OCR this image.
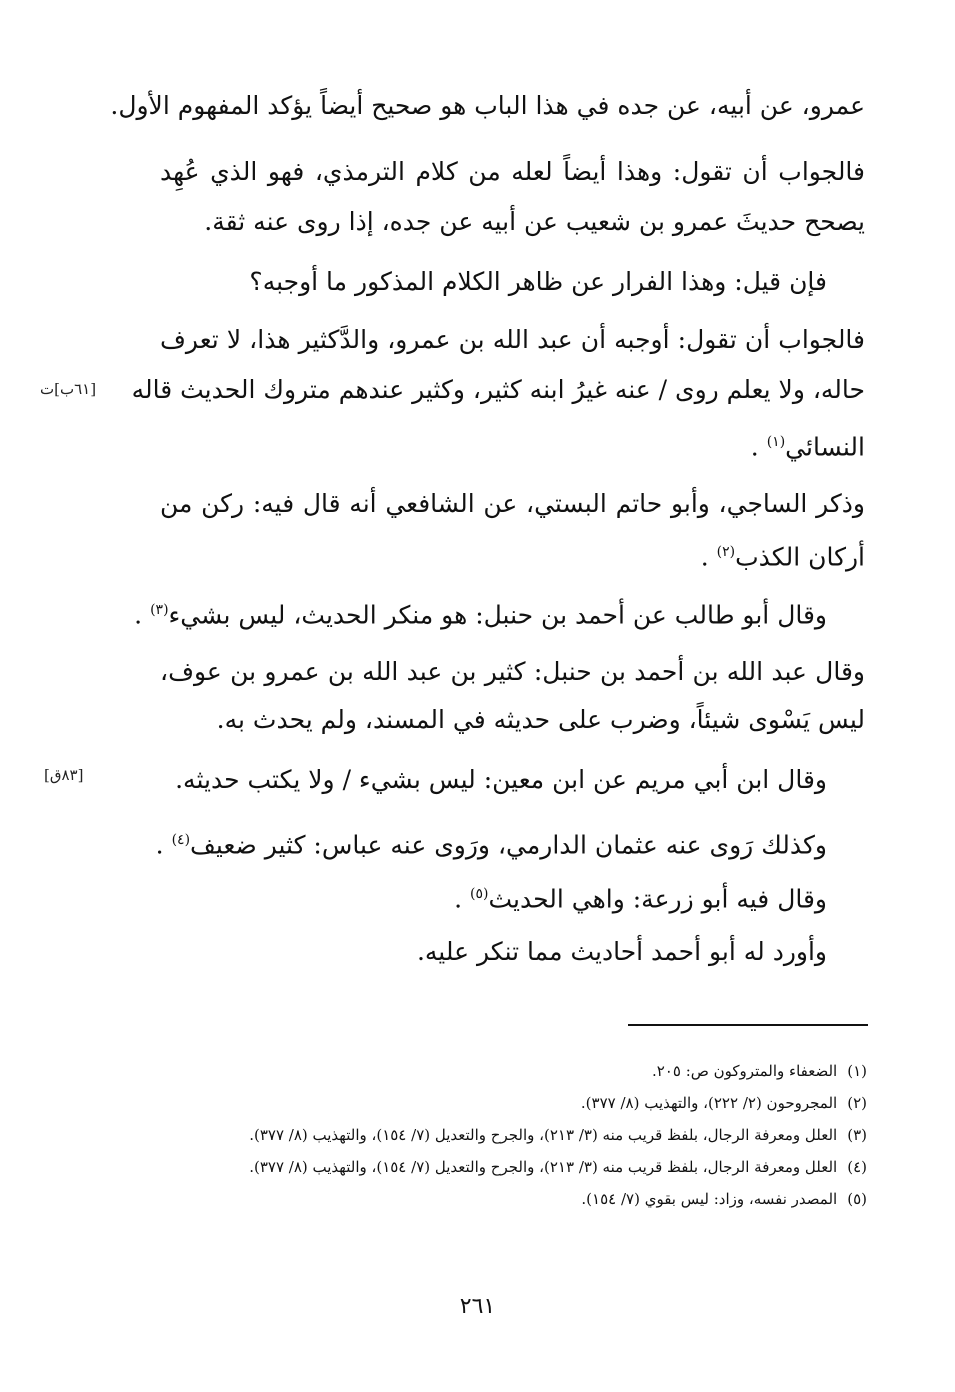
عمرو، عن أبيه، عن جده في هذا الباب هو صحيح أيضاً يؤكد المفهوم الأول.
فالجواب أن تقول: وهذا أيضاً لعله من كلام الترمذي، فهو الذي عُهِد
يصحح حديثَ عمرو بن شعيب عن أبيه عن جده، إذا روى عنه ثقة.
فإن قيل: وهذا الفرار عن ظاهر الكلام المذكور ما أوجبه؟
فالجواب أن تقول: أوجبه أن عبد الله بن عمرو، والدَّكثير هذا، لا تعرف
حاله، ولا يعلم روى / عنه غيرُ ابنه كثير، وكثير عندهم متروك الحديث قاله
النسائي$^{(١)}$ .
وذكر الساجي، وأبو حاتم البستي، عن الشافعي أنه قال فيه: ركن من
أركان الكذب$^{(٢)}$ .
وقال أبو طالب عن أحمد بن حنبل: هو منكر الحديث، ليس بشيء$^{(٣)}$ .
وقال عبد الله بن أحمد بن حنبل: كثير بن عبد الله بن عمرو بن عوف،
ليس يَسْوى شيئاً، وضرب على حديثه في المسند، ولم يحدث به.
وقال ابن أبي مريم عن ابن معين: ليس بشيء / ولا يكتب حديثه.
وكذلك رَوى عنه عثمان الدارمي، ورَوى عنه عباس: كثير ضعيف$^{(٤)}$ .
وقال فيه أبو زرعة: واهي الحديث$^{(٥)}$ .
وأورد له أبو أحمد أحاديث مما تنكر عليه.
[٦١ب]ت
[٨٣ق]
(١)الضعفاء والمتروكون ص: ٢٠٥.
(٢)المجروحون (٢/ ٢٢٢)، والتهذيب (٨/ ٣٧٧).
(٣)العلل ومعرفة الرجال، بلفظ قريب منه (٣/ ٢١٣)، والجرح والتعديل (٧/ ١٥٤)، والتهذيب (٨/ ٣٧٧).
(٤)العلل ومعرفة الرجال، بلفظ قريب منه (٣/ ٢١٣)، والجرح والتعديل (٧/ ١٥٤)، والتهذيب (٨/ ٣٧٧).
(٥)المصدر نفسه، وزاد: ليس بقوي (٧/ ١٥٤).
٢٦١
